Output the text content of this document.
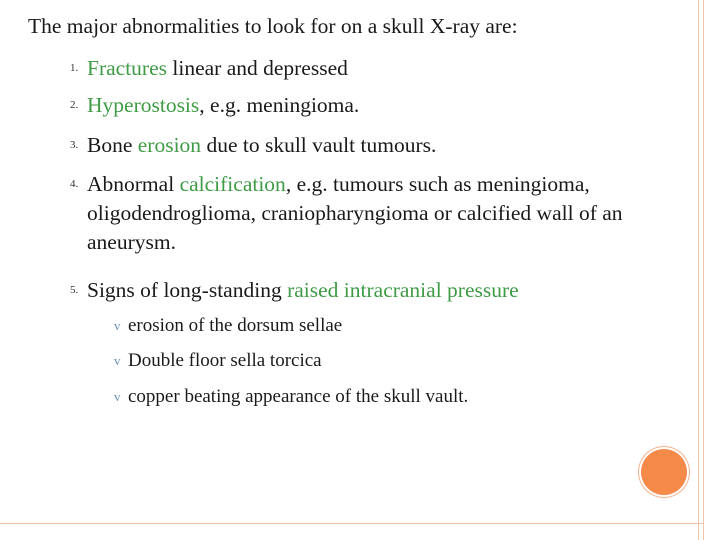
The major abnormalities to look for on a skull X-ray are:
1. Fractures linear and depressed
2. Hyperostosis, e.g. meningioma.
3. Bone erosion due to skull vault tumours.
4. Abnormal calcification, e.g. tumours such as meningioma, oligodendroglioma, craniopharyngioma or calcified wall of an aneurysm.
5. Signs of long-standing raised intracranial pressure
v erosion of the dorsum sellae
v Double floor sella torcica
v copper beating appearance of the skull vault.
